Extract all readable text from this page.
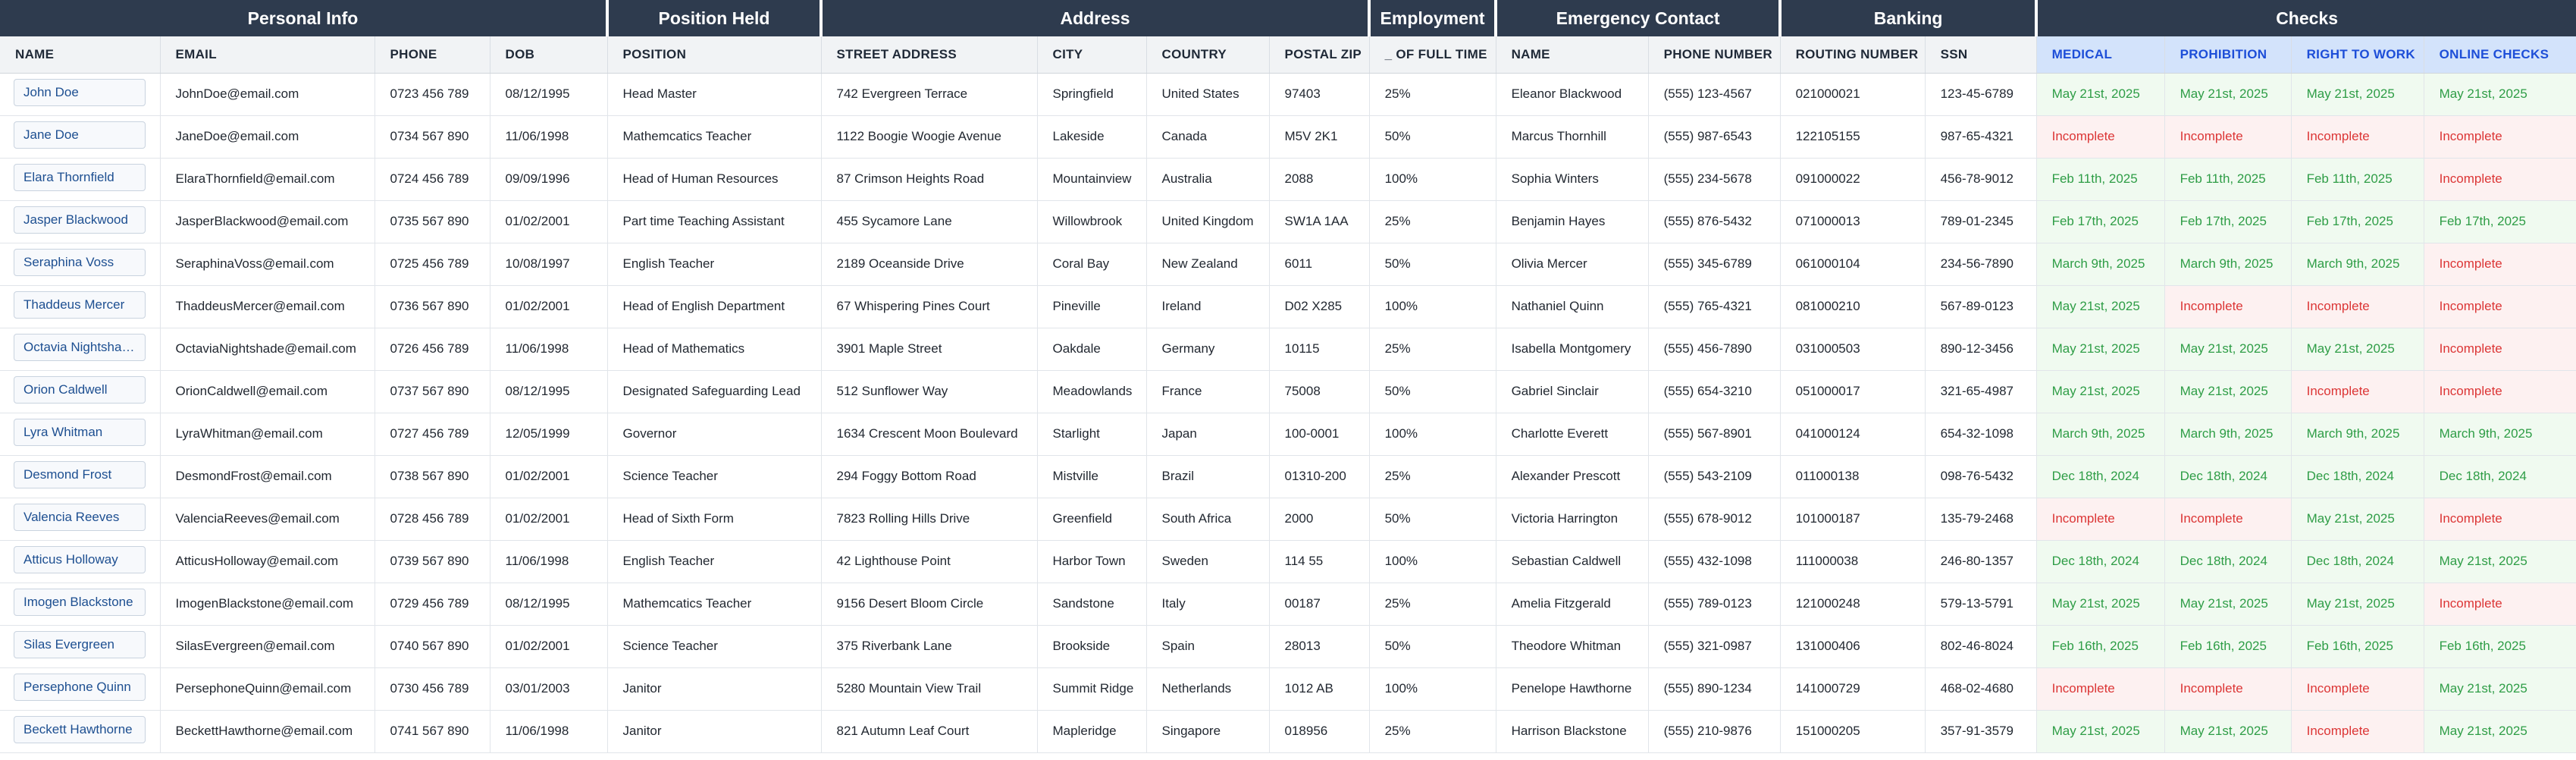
Personal Info				Position Held	Address				Employment	Emergency Contact		Banking		Checks			
NAME	EMAIL	PHONE	DOB	POSITION	STREET ADDRESS	CITY	COUNTRY	POSTAL ZIP	_ OF FULL TIME	NAME	PHONE NUMBER	ROUTING NUMBER	SSN	MEDICAL	PROHIBITION	RIGHT TO WORK	ONLINE CHECKS
John Doe	JohnDoe@email.com	0723 456 789	08/12/1995	Head Master	742 Evergreen Terrace	Springfield	United States	97403	25%	Eleanor Blackwood	(555) 123-4567	021000021	123-45-6789	May 21st, 2025	May 21st, 2025	May 21st, 2025	May 21st, 2025
Jane Doe	JaneDoe@email.com	0734 567 890	11/06/1998	Mathemcatics Teacher	1122 Boogie Woogie Avenue	Lakeside	Canada	M5V 2K1	50%	Marcus Thornhill	(555) 987-6543	122105155	987-65-4321	Incomplete	Incomplete	Incomplete	Incomplete
Elara Thornfield	ElaraThornfield@email.com	0724 456 789	09/09/1996	Head of Human Resources	87 Crimson Heights Road	Mountainview	Australia	2088	100%	Sophia Winters	(555) 234-5678	091000022	456-78-9012	Feb 11th, 2025	Feb 11th, 2025	Feb 11th, 2025	Incomplete
Jasper Blackwood	JasperBlackwood@email.com	0735 567 890	01/02/2001	Part time Teaching Assistant	455 Sycamore Lane	Willowbrook	United Kingdom	SW1A 1AA	25%	Benjamin Hayes	(555) 876-5432	071000013	789-01-2345	Feb 17th, 2025	Feb 17th, 2025	Feb 17th, 2025	Feb 17th, 2025
Seraphina Voss	SeraphinaVoss@email.com	0725 456 789	10/08/1997	English Teacher	2189 Oceanside Drive	Coral Bay	New Zealand	6011	50%	Olivia Mercer	(555) 345-6789	061000104	234-56-7890	March 9th, 2025	March 9th, 2025	March 9th, 2025	Incomplete
Thaddeus Mercer	ThaddeusMercer@email.com	0736 567 890	01/02/2001	Head of English Department	67 Whispering Pines Court	Pineville	Ireland	D02 X285	100%	Nathaniel Quinn	(555) 765-4321	081000210	567-89-0123	May 21st, 2025	Incomplete	Incomplete	Incomplete
Octavia Nightshade	OctaviaNightshade@email.com	0726 456 789	11/06/1998	Head of Mathematics	3901 Maple Street	Oakdale	Germany	10115	25%	Isabella Montgomery	(555) 456-7890	031000503	890-12-3456	May 21st, 2025	May 21st, 2025	May 21st, 2025	Incomplete
Orion Caldwell	OrionCaldwell@email.com	0737 567 890	08/12/1995	Designated Safeguarding Lead	512 Sunflower Way	Meadowlands	France	75008	50%	Gabriel Sinclair	(555) 654-3210	051000017	321-65-4987	May 21st, 2025	May 21st, 2025	Incomplete	Incomplete
Lyra Whitman	LyraWhitman@email.com	0727 456 789	12/05/1999	Governor	1634 Crescent Moon Boulevard	Starlight	Japan	100-0001	100%	Charlotte Everett	(555) 567-8901	041000124	654-32-1098	March 9th, 2025	March 9th, 2025	March 9th, 2025	March 9th, 2025
Desmond Frost	DesmondFrost@email.com	0738 567 890	01/02/2001	Science Teacher	294 Foggy Bottom Road	Mistville	Brazil	01310-200	25%	Alexander Prescott	(555) 543-2109	011000138	098-76-5432	Dec 18th, 2024	Dec 18th, 2024	Dec 18th, 2024	Dec 18th, 2024
Valencia Reeves	ValenciaReeves@email.com	0728 456 789	01/02/2001	Head of Sixth Form	7823 Rolling Hills Drive	Greenfield	South Africa	2000	50%	Victoria Harrington	(555) 678-9012	101000187	135-79-2468	Incomplete	Incomplete	May 21st, 2025	Incomplete
Atticus Holloway	AtticusHolloway@email.com	0739 567 890	11/06/1998	English Teacher	42 Lighthouse Point	Harbor Town	Sweden	114 55	100%	Sebastian Caldwell	(555) 432-1098	111000038	246-80-1357	Dec 18th, 2024	Dec 18th, 2024	Dec 18th, 2024	May 21st, 2025
Imogen Blackstone	ImogenBlackstone@email.com	0729 456 789	08/12/1995	Mathemcatics Teacher	9156 Desert Bloom Circle	Sandstone	Italy	00187	25%	Amelia Fitzgerald	(555) 789-0123	121000248	579-13-5791	May 21st, 2025	May 21st, 2025	May 21st, 2025	Incomplete
Silas Evergreen	SilasEvergreen@email.com	0740 567 890	01/02/2001	Science Teacher	375 Riverbank Lane	Brookside	Spain	28013	50%	Theodore Whitman	(555) 321-0987	131000406	802-46-8024	Feb 16th, 2025	Feb 16th, 2025	Feb 16th, 2025	Feb 16th, 2025
Persephone Quinn	PersephoneQuinn@email.com	0730 456 789	03/01/2003	Janitor	5280 Mountain View Trail	Summit Ridge	Netherlands	1012 AB	100%	Penelope Hawthorne	(555) 890-1234	141000729	468-02-4680	Incomplete	Incomplete	Incomplete	May 21st, 2025
Beckett Hawthorne	BeckettHawthorne@email.com	0741 567 890	11/06/1998	Janitor	821 Autumn Leaf Court	Mapleridge	Singapore	018956	25%	Harrison Blackstone	(555) 210-9876	151000205	357-91-3579	May 21st, 2025	May 21st, 2025	Incomplete	May 21st, 2025
